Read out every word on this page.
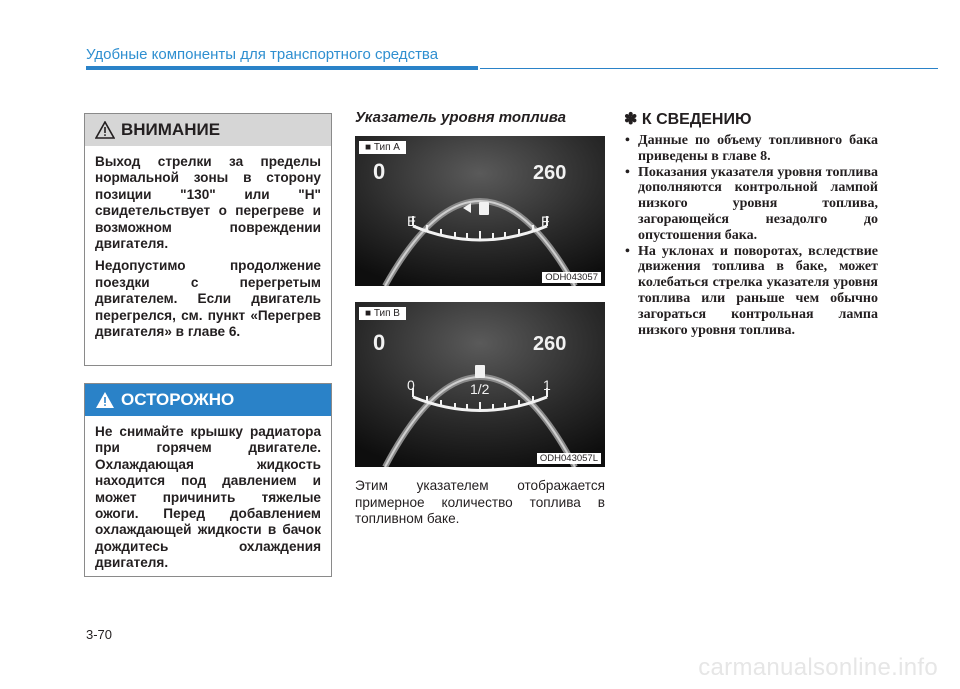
Удобные компоненты для транспортного средства
ВНИМАНИЕ

Выход стрелки за пределы нормальной зоны в сторону позиции "130" или "H" свидетельствует о перегреве и возможном повреждении двигателя.

Недопустимо продолжение поездки с перегретым двигателем. Если двигатель перегрелся, см. пункт «Перегрев двигателя» в главе 6.

ОСТОРОЖНО

Не снимайте крышку радиатора при горячем двигателе. Охлаждающая жидкость находится под давлением и может причинить тяжелые ожоги. Перед добавлением охлаждающей жидкости в бачок дождитесь охлаждения двигателя.

Указатель уровня топлива
0	260
E	F
■ Тип A
ODH043057
0	260
0	1/2	1
■ Тип B
ODH043057L
Этим указателем отображается примерное количество топлива в топливном баке.
✽ К СВЕДЕНИЮ
• Данные по объему топливного бака приведены в главе 8.
• Показания указателя уровня топлива дополняются контрольной лампой низкого уровня топлива, загорающейся незадолго до опустошения бака.
• На уклонах и поворотах, вследствие движения топлива в баке, может колебаться стрелка указателя уровня топлива или раньше чем обычно загораться контрольная лампа низкого уровня топлива.
3-70
carmanualsonline.info
